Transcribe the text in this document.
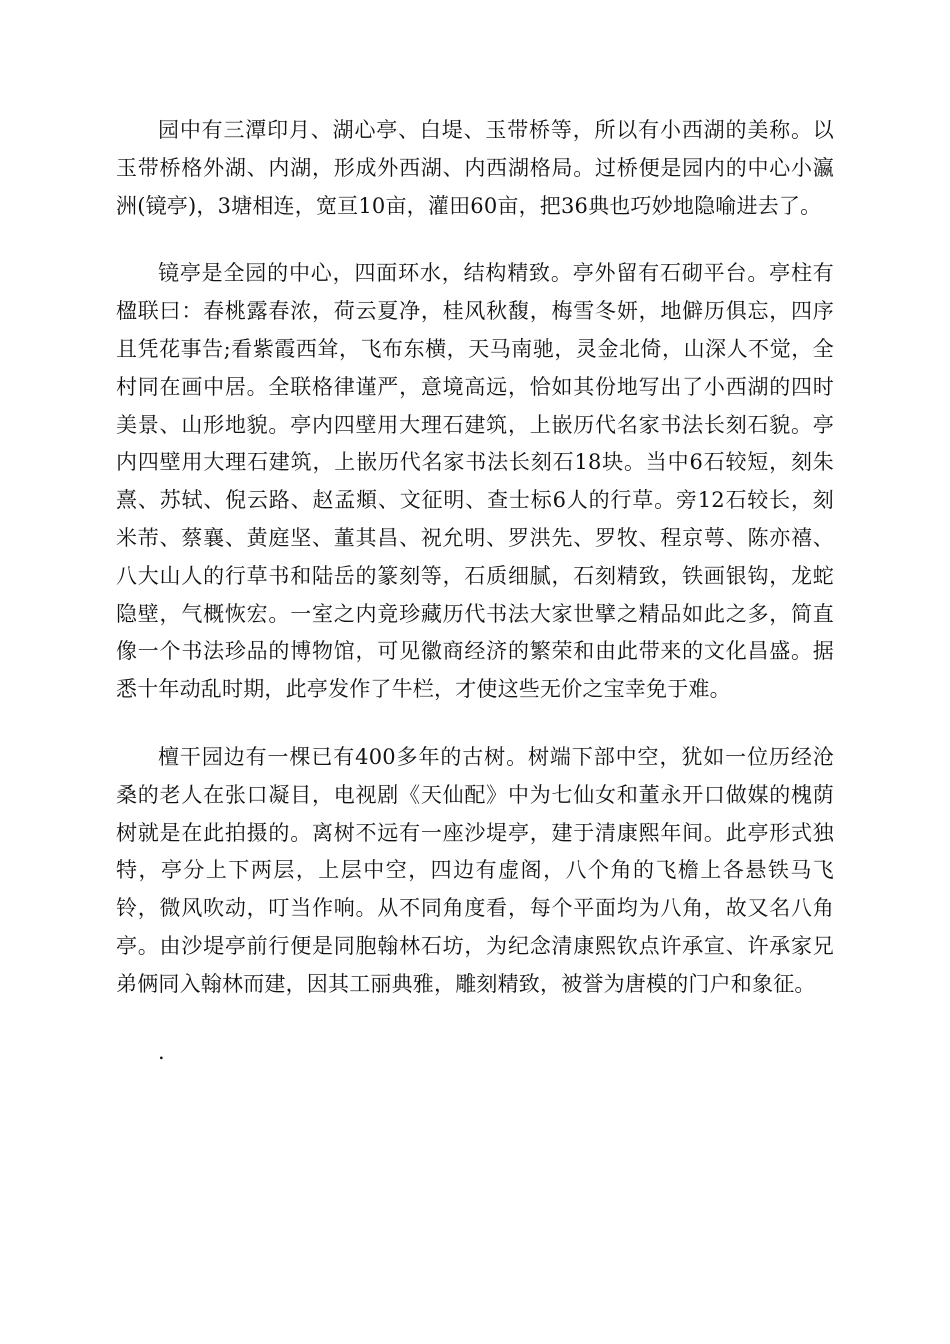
园中有三潭印月、湖心亭、白堤、玉带桥等，所以有小西湖的美称。以玉带桥格外湖、内湖，形成外西湖、内西湖格局。过桥便是园内的中心小瀛洲(镜亭)，3塘相连，宽亘10亩，灌田60亩，把36典也巧妙地隐喻进去了。

镜亭是全园的中心，四面环水，结构精致。亭外留有石砌平台。亭柱有楹联曰：春桃露春浓，荷云夏净，桂风秋馥，梅雪冬妍，地僻历俱忘，四序且凭花事告;看紫霞西耸，飞布东横，天马南驰，灵金北倚，山深人不觉，全村同在画中居。全联格律谨严，意境高远，恰如其份地写出了小西湖的四时美景、山形地貌。亭内四壁用大理石建筑，上嵌历代名家书法长刻石貌。亭内四壁用大理石建筑，上嵌历代名家书法长刻石18块。当中6石较短，刻朱熹、苏轼、倪云路、赵孟頫、文征明、查士标6人的行草。旁12石较长，刻米芾、蔡襄、黄庭坚、董其昌、祝允明、罗洪先、罗牧、程京萼、陈亦禧、八大山人的行草书和陆岳的篆刻等，石质细腻，石刻精致，铁画银钩，龙蛇隐壁，气概恢宏。一室之内竟珍藏历代书法大家世擘之精品如此之多，简直像一个书法珍品的博物馆，可见徽商经济的繁荣和由此带来的文化昌盛。据悉十年动乱时期，此亭发作了牛栏，才使这些无价之宝幸免于难。

檀干园边有一棵已有400多年的古树。树端下部中空，犹如一位历经沧桑的老人在张口凝目，电视剧《天仙配》中为七仙女和董永开口做媒的槐荫树就是在此拍摄的。离树不远有一座沙堤亭，建于清康熙年间。此亭形式独特，亭分上下两层，上层中空，四边有虚阁，八个角的飞檐上各悬铁马飞铃，微风吹动，叮当作响。从不同角度看，每个平面均为八角，故又名八角亭。由沙堤亭前行便是同胞翰林石坊，为纪念清康熙钦点许承宣、许承家兄弟俩同入翰林而建，因其工丽典雅，雕刻精致，被誉为唐模的门户和象征。

.
